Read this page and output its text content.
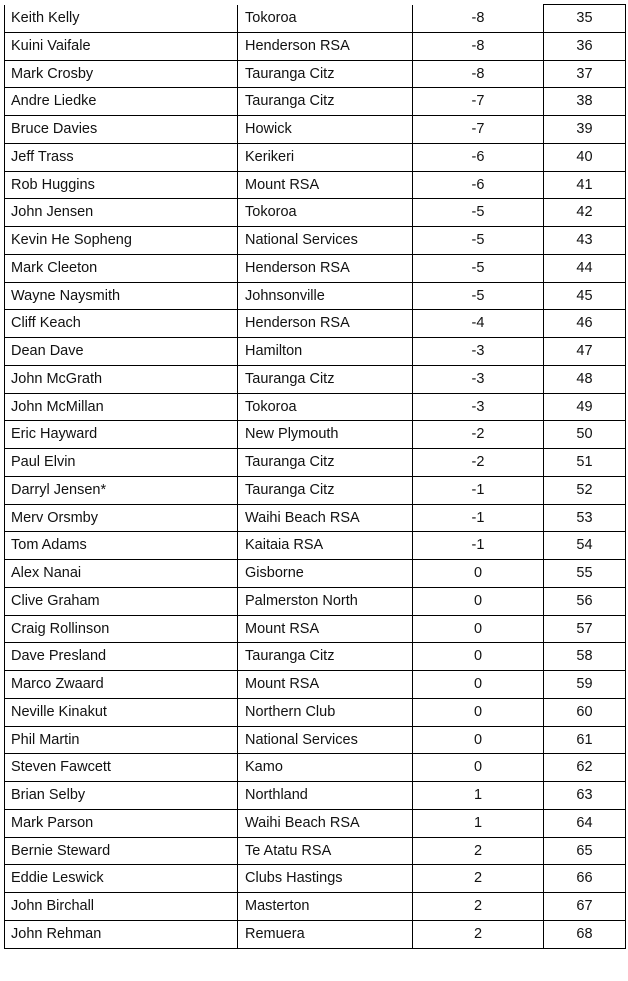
Keith Kelly	Tokoroa	-8	35
Kuini Vaifale	Henderson RSA	-8	36
Mark Crosby	Tauranga Citz	-8	37
Andre Liedke	Tauranga Citz	-7	38
Bruce Davies	Howick	-7	39
Jeff Trass	Kerikeri	-6	40
Rob Huggins	Mount RSA	-6	41
John Jensen	Tokoroa	-5	42
Kevin He Sopheng	National Services	-5	43
Mark Cleeton	Henderson RSA	-5	44
Wayne Naysmith	Johnsonville	-5	45
Cliff Keach	Henderson RSA	-4	46
Dean Dave	Hamilton	-3	47
John McGrath	Tauranga Citz	-3	48
John McMillan	Tokoroa	-3	49
Eric Hayward	New Plymouth	-2	50
Paul Elvin	Tauranga Citz	-2	51
Darryl Jensen*	Tauranga Citz	-1	52
Merv Orsmby	Waihi Beach RSA	-1	53
Tom Adams	Kaitaia RSA	-1	54
Alex Nanai	Gisborne	0	55
Clive Graham	Palmerston North	0	56
Craig Rollinson	Mount RSA	0	57
Dave Presland	Tauranga Citz	0	58
Marco Zwaard	Mount RSA	0	59
Neville Kinakut	Northern Club	0	60
Phil Martin	National Services	0	61
Steven Fawcett	Kamo	0	62
Brian Selby	Northland	1	63
Mark Parson	Waihi Beach RSA	1	64
Bernie Steward	Te Atatu RSA	2	65
Eddie Leswick	Clubs Hastings	2	66
John Birchall	Masterton	2	67
John Rehman	Remuera	2	68
